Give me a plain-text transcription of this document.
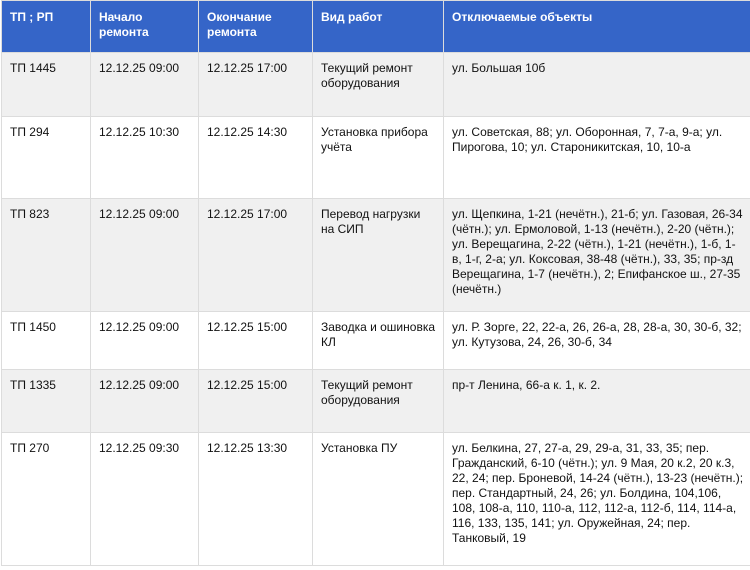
ТП ; РП	Начало ремонта	Окончание ремонта	Вид работ	Отключаемые объекты
ТП 1445	12.12.25 09:00	12.12.25 17:00	Текущий ремонт оборудования	ул. Большая 10б
ТП 294	12.12.25 10:30	12.12.25 14:30	Установка прибора учёта	ул. Советская, 88; ул. Оборонная, 7, 7-а, 9-а; ул. Пирогова, 10; ул. Староникитская, 10, 10-а
ТП 823	12.12.25 09:00	12.12.25 17:00	Перевод нагрузки на СИП	ул. Щепкина, 1-21 (нечётн.), 21-б; ул. Газовая, 26-34 (чётн.); ул. Ермоловой, 1-13 (нечётн.), 2-20 (чётн.); ул. Верещагина, 2-22 (чётн.), 1-21 (нечётн.), 1-б, 1-в, 1-г, 2-а; ул. Коксовая, 38-48 (чётн.), 33, 35; пр-зд Верещагина, 1-7 (нечётн.), 2; Епифанское ш., 27-35 (нечётн.)
ТП 1450	12.12.25 09:00	12.12.25 15:00	Заводка и ошиновка КЛ	ул. Р. Зорге, 22, 22-а, 26, 26-а, 28, 28-а, 30, 30-б, 32; ул. Кутузова, 24, 26, 30-б, 34
ТП 1335	12.12.25 09:00	12.12.25 15:00	Текущий ремонт оборудования	пр-т Ленина, 66-а к. 1, к. 2.
ТП 270	12.12.25 09:30	12.12.25 13:30	Установка ПУ	ул. Белкина, 27, 27-а, 29, 29-а, 31, 33, 35; пер. Гражданский, 6-10 (чётн.); ул. 9 Мая, 20 к.2, 20 к.3, 22, 24; пер. Броневой, 14-24 (чётн.), 13-23 (нечётн.); пер. Стандартный, 24, 26; ул. Болдина, 104,106, 108, 108-а, 110, 110-а, 112, 112-а, 112-б, 114, 114-а, 116, 133, 135, 141; ул. Оружейная, 24; пер. Танковый, 19
